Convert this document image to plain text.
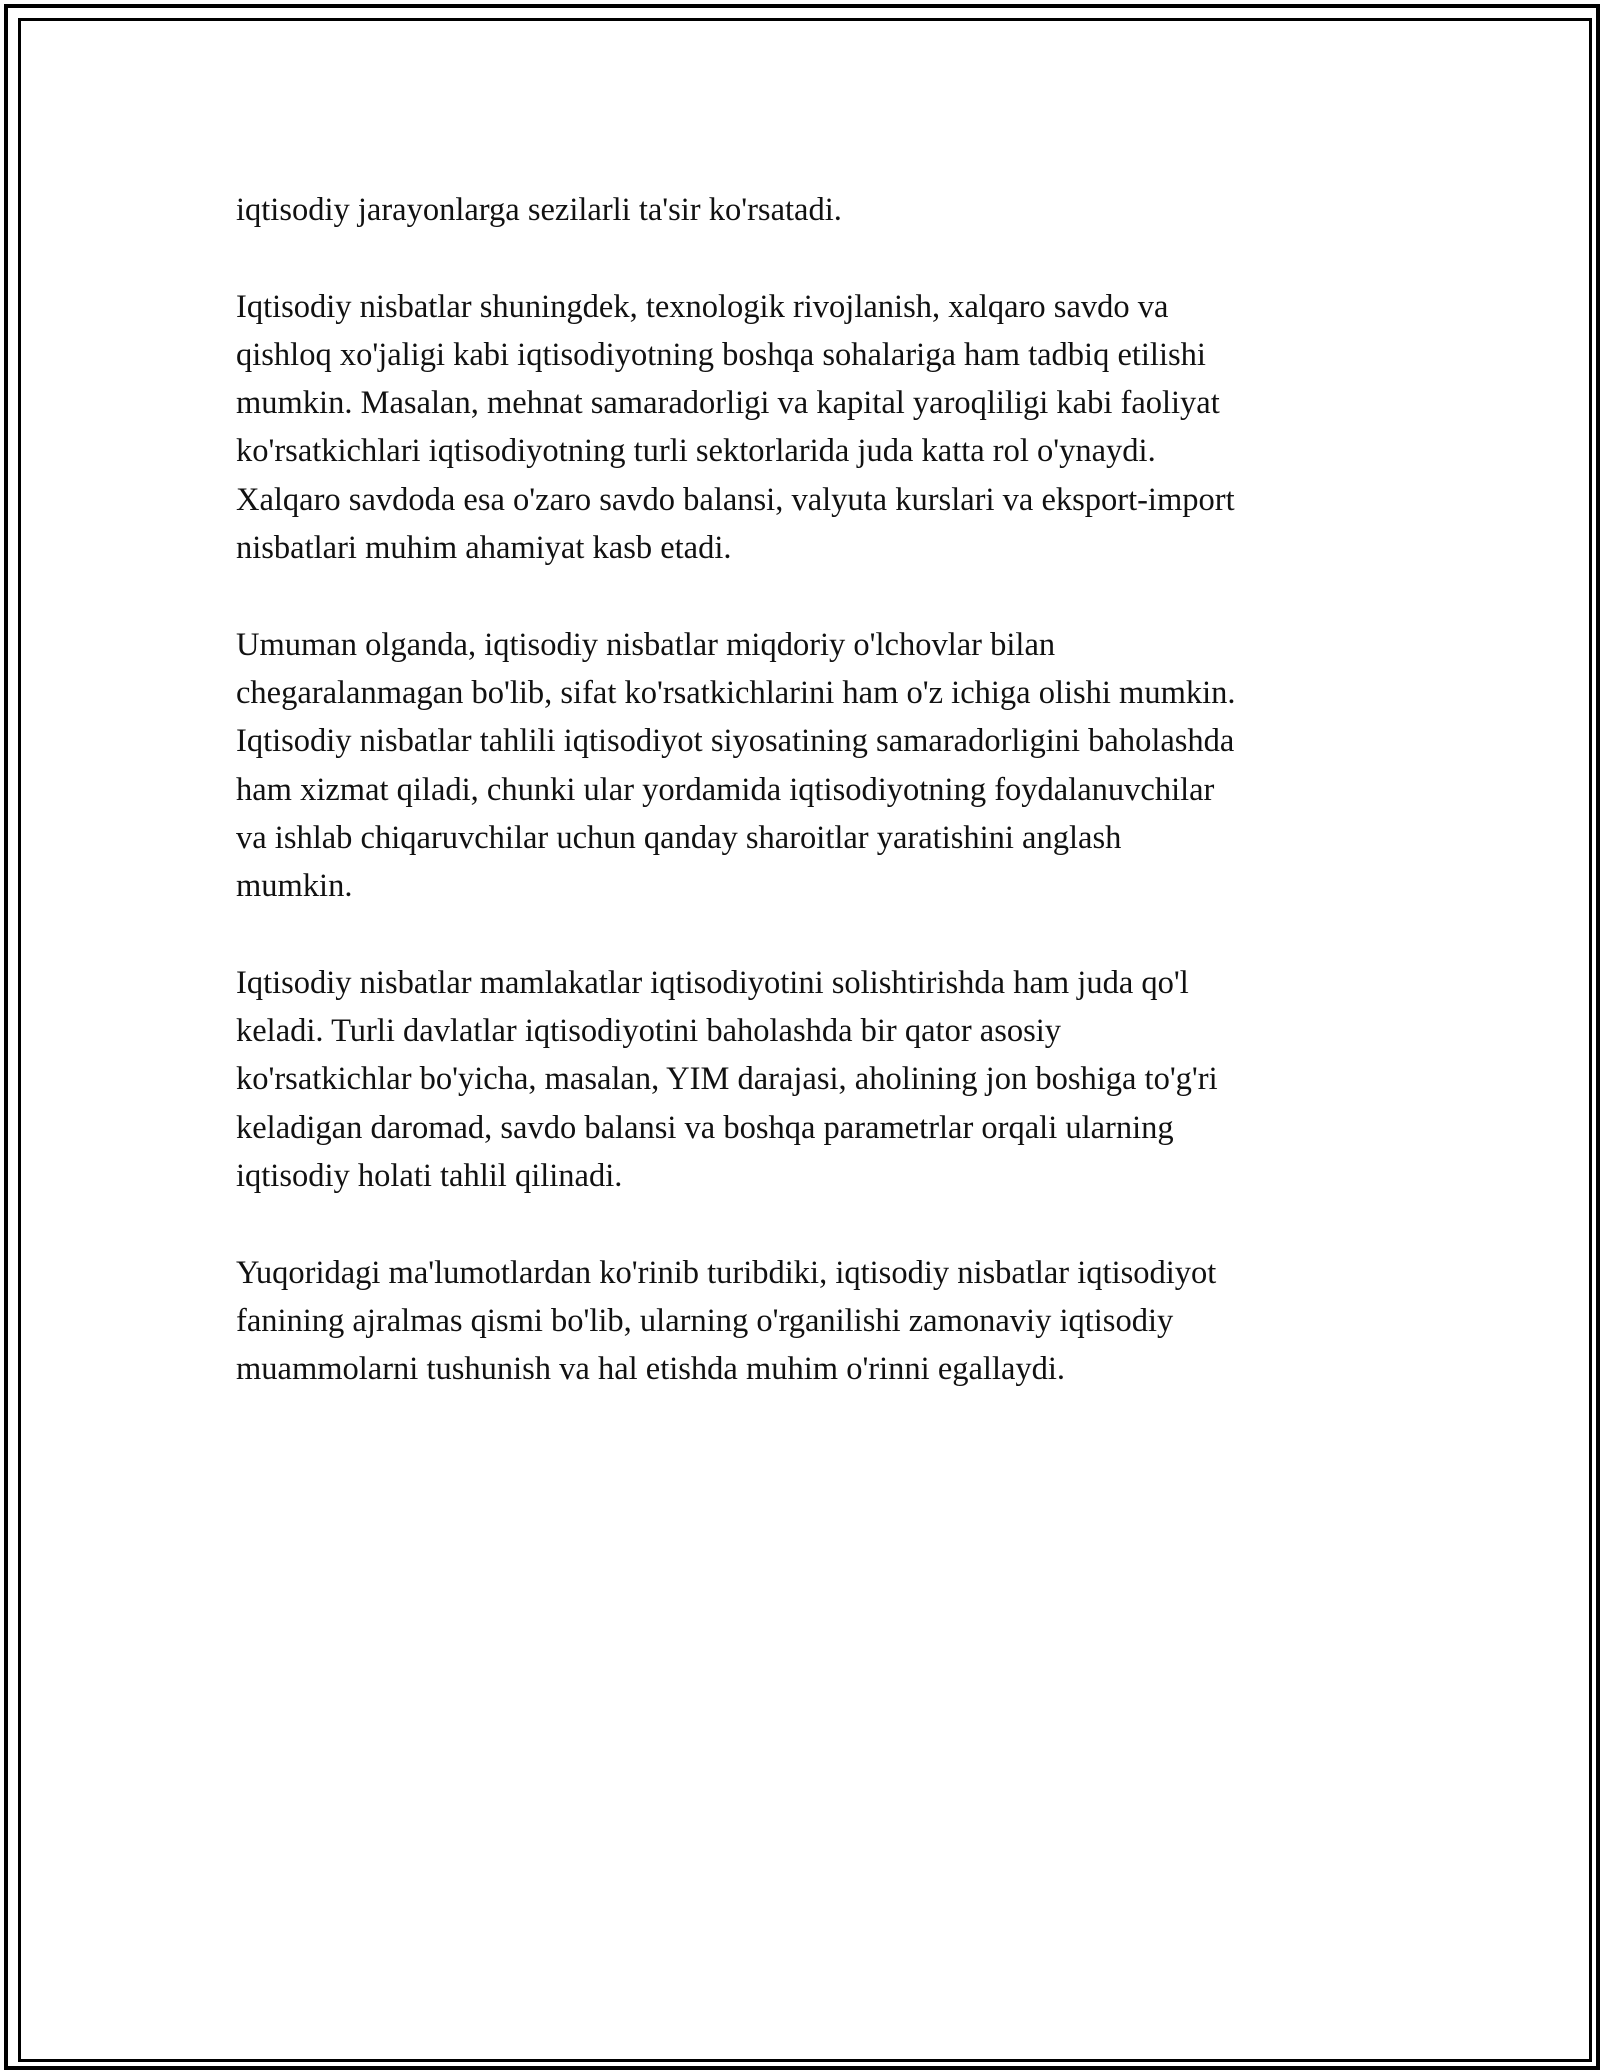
iqtisodiy jarayonlarga sezilarli ta'sir ko'rsatadi.

Iqtisodiy nisbatlar shuningdek, texnologik rivojlanish, xalqaro savdo va
qishloq xo'jaligi kabi iqtisodiyotning boshqa sohalariga ham tadbiq etilishi
mumkin. Masalan, mehnat samaradorligi va kapital yaroqliligi kabi faoliyat
ko'rsatkichlari iqtisodiyotning turli sektorlarida juda katta rol o'ynaydi.
Xalqaro savdoda esa o'zaro savdo balansi, valyuta kurslari va eksport-import
nisbatlari muhim ahamiyat kasb etadi.

Umuman olganda, iqtisodiy nisbatlar miqdoriy o'lchovlar bilan
chegaralanmagan bo'lib, sifat ko'rsatkichlarini ham o'z ichiga olishi mumkin.
Iqtisodiy nisbatlar tahlili iqtisodiyot siyosatining samaradorligini baholashda
ham xizmat qiladi, chunki ular yordamida iqtisodiyotning foydalanuvchilar
va ishlab chiqaruvchilar uchun qanday sharoitlar yaratishini anglash
mumkin.

Iqtisodiy nisbatlar mamlakatlar iqtisodiyotini solishtirishda ham juda qo'l
keladi. Turli davlatlar iqtisodiyotini baholashda bir qator asosiy
ko'rsatkichlar bo'yicha, masalan, YIM darajasi, aholining jon boshiga to'g'ri
keladigan daromad, savdo balansi va boshqa parametrlar orqali ularning
iqtisodiy holati tahlil qilinadi.

Yuqoridagi ma'lumotlardan ko'rinib turibdiki, iqtisodiy nisbatlar iqtisodiyot
fanining ajralmas qismi bo'lib, ularning o'rganilishi zamonaviy iqtisodiy
muammolarni tushunish va hal etishda muhim o'rinni egallaydi.
